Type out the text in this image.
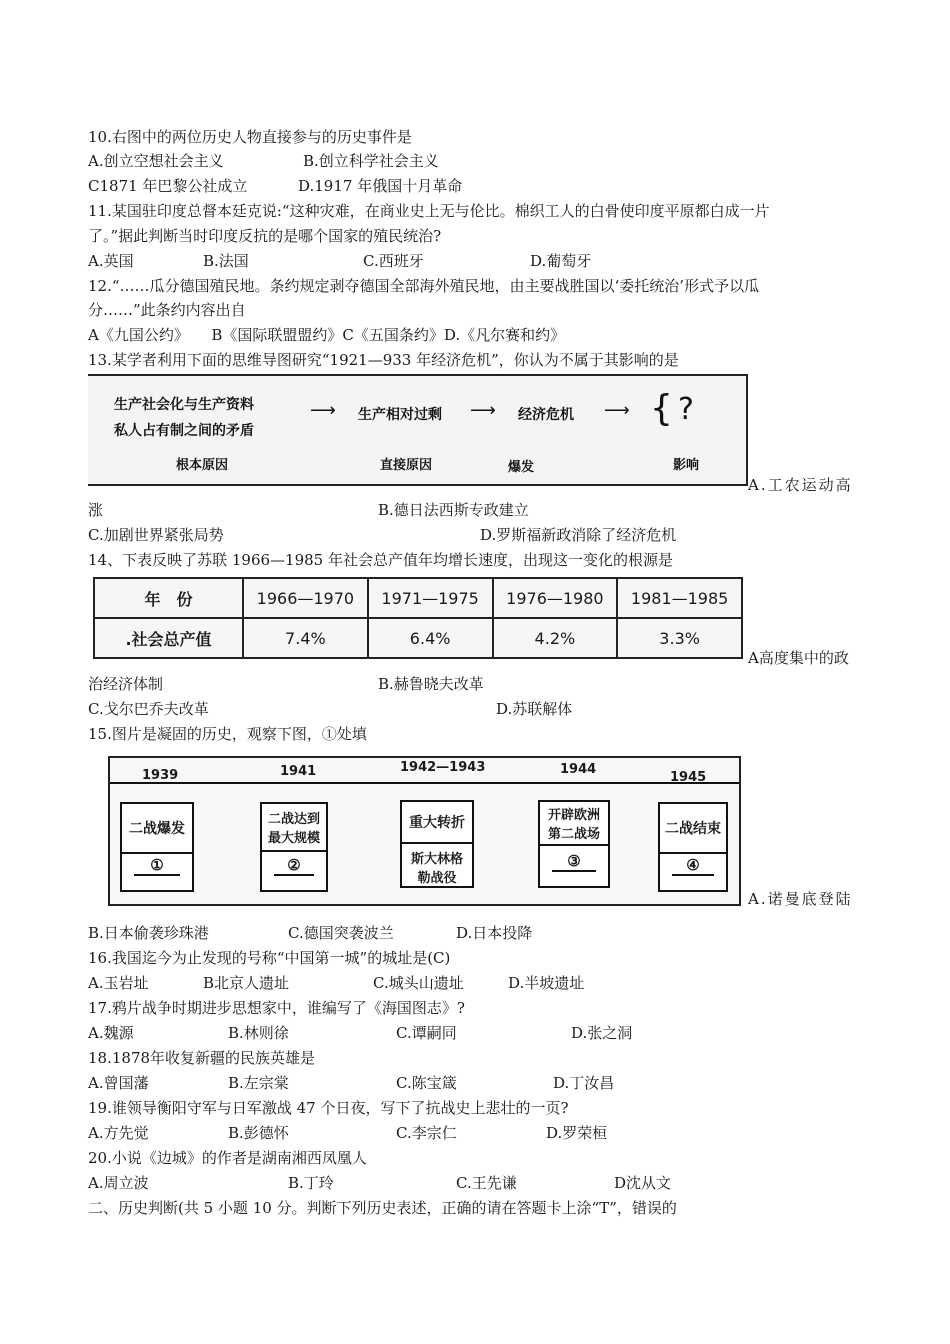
10.右图中的两位历史人物直接参与的历史事件是
A.创立空想社会主义	B.创立科学社会主义
C1871 年巴黎公社成立	D.1917 年俄国十月革命
11.某国驻印度总督本廷克说:“这种灾难，在商业史上无与伦比。棉织工人的白骨使印度平原都白成一片
了。”据此判断当时印度反抗的是哪个国家的殖民统治?
A.英国	B.法国	C.西班牙	D.葡萄牙
12.“……瓜分德国殖民地。条约规定剥夺德国全部海外殖民地，由主要战胜国以‘委托统治’形式予以瓜
分……”此条约内容出自
A《九国公约》　　B《国际联盟盟约》C《五国条约》D.《凡尔赛和约》
13.某学者利用下面的思维导图研究“1921—933 年经济危机”，你认为不属于其影响的是
生产社会化与生产资料
私人占有制之间的矛盾
⟶ 生产相对过剩 ⟶ 经济危机 ⟶ { ?
根本原因	直接原因	爆发	影响
A.工农运动高
涨	B.德日法西斯专政建立
C.加剧世界紧张局势	D.罗斯福新政消除了经济危机
14、下表反映了苏联 1966—1985 年社会总产值年均增长速度，出现这一变化的根源是
年　份	1966—1970	1971—1975	1976—1980	1981—1985
.社会总产值	7.4%	6.4%	4.2%	3.3%
A高度集中的政
治经济体制	B.赫鲁晓夫改革
C.戈尔巴乔夫改革	D.苏联解体
15.图片是凝固的历史，观察下图，①处填
1939	1941	1942—1943	1944
1945
二战爆发
①
二战达到最大规模
②
重大转折
斯大林格勒战役
开辟欧洲第二战场
③
二战结束
④
A.诺曼底登陆
B.日本偷袭珍珠港	C.德国突袭波兰	D.日本投降
16.我国迄今为止发现的号称“中国第一城”的城址是(C)
A.玉岩址	B北京人遗址	C.城头山遗址	D.半坡遗址
17.鸦片战争时期进步思想家中，谁编写了《海国图志》?
A.魏源	B.林则徐	C.谭嗣同	D.张之洞
18.1878年收复新疆的民族英雄是
A.曾国藩	B.左宗棠	C.陈宝箴	D.丁汝昌
19.谁领导衡阳守军与日军激战 47 个日夜，写下了抗战史上悲壮的一页?
A.方先觉	B.彭德怀	C.李宗仁	D.罗荣桓
20.小说《边城》的作者是湖南湘西凤凰人
A.周立波	B.丁玲	C.王先谦	D沈从文
二、历史判断(共 5 小题 10 分。判断下列历史表述，正确的请在答题卡上涂“T”，错误的
